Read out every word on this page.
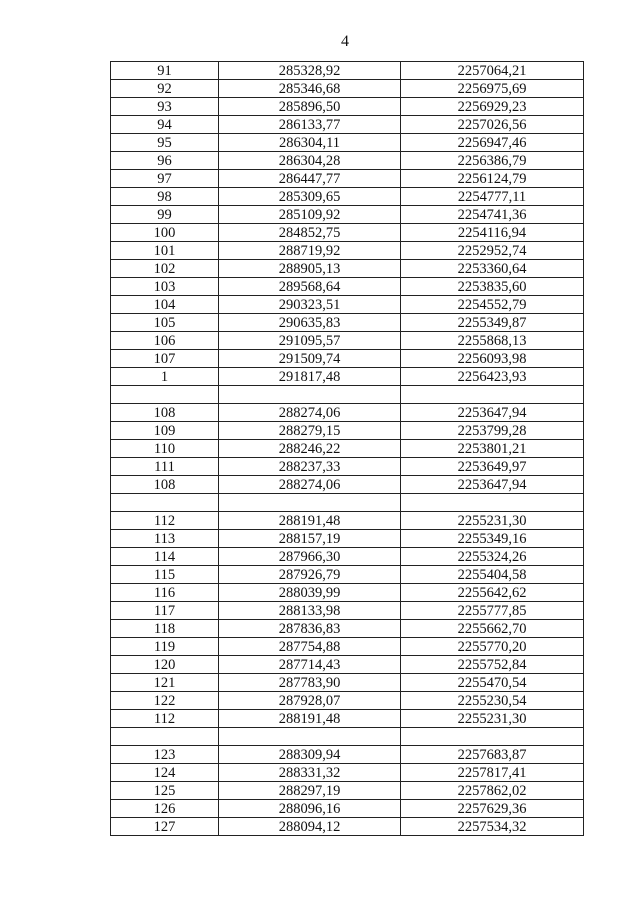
4
91	285328,92	2257064,21
92	285346,68	2256975,69
93	285896,50	2256929,23
94	286133,77	2257026,56
95	286304,11	2256947,46
96	286304,28	2256386,79
97	286447,77	2256124,79
98	285309,65	2254777,11
99	285109,92	2254741,36
100	284852,75	2254116,94
101	288719,92	2252952,74
102	288905,13	2253360,64
103	289568,64	2253835,60
104	290323,51	2254552,79
105	290635,83	2255349,87
106	291095,57	2255868,13
107	291509,74	2256093,98
1	291817,48	2256423,93

108	288274,06	2253647,94
109	288279,15	2253799,28
110	288246,22	2253801,21
111	288237,33	2253649,97
108	288274,06	2253647,94

112	288191,48	2255231,30
113	288157,19	2255349,16
114	287966,30	2255324,26
115	287926,79	2255404,58
116	288039,99	2255642,62
117	288133,98	2255777,85
118	287836,83	2255662,70
119	287754,88	2255770,20
120	287714,43	2255752,84
121	287783,90	2255470,54
122	287928,07	2255230,54
112	288191,48	2255231,30

123	288309,94	2257683,87
124	288331,32	2257817,41
125	288297,19	2257862,02
126	288096,16	2257629,36
127	288094,12	2257534,32
